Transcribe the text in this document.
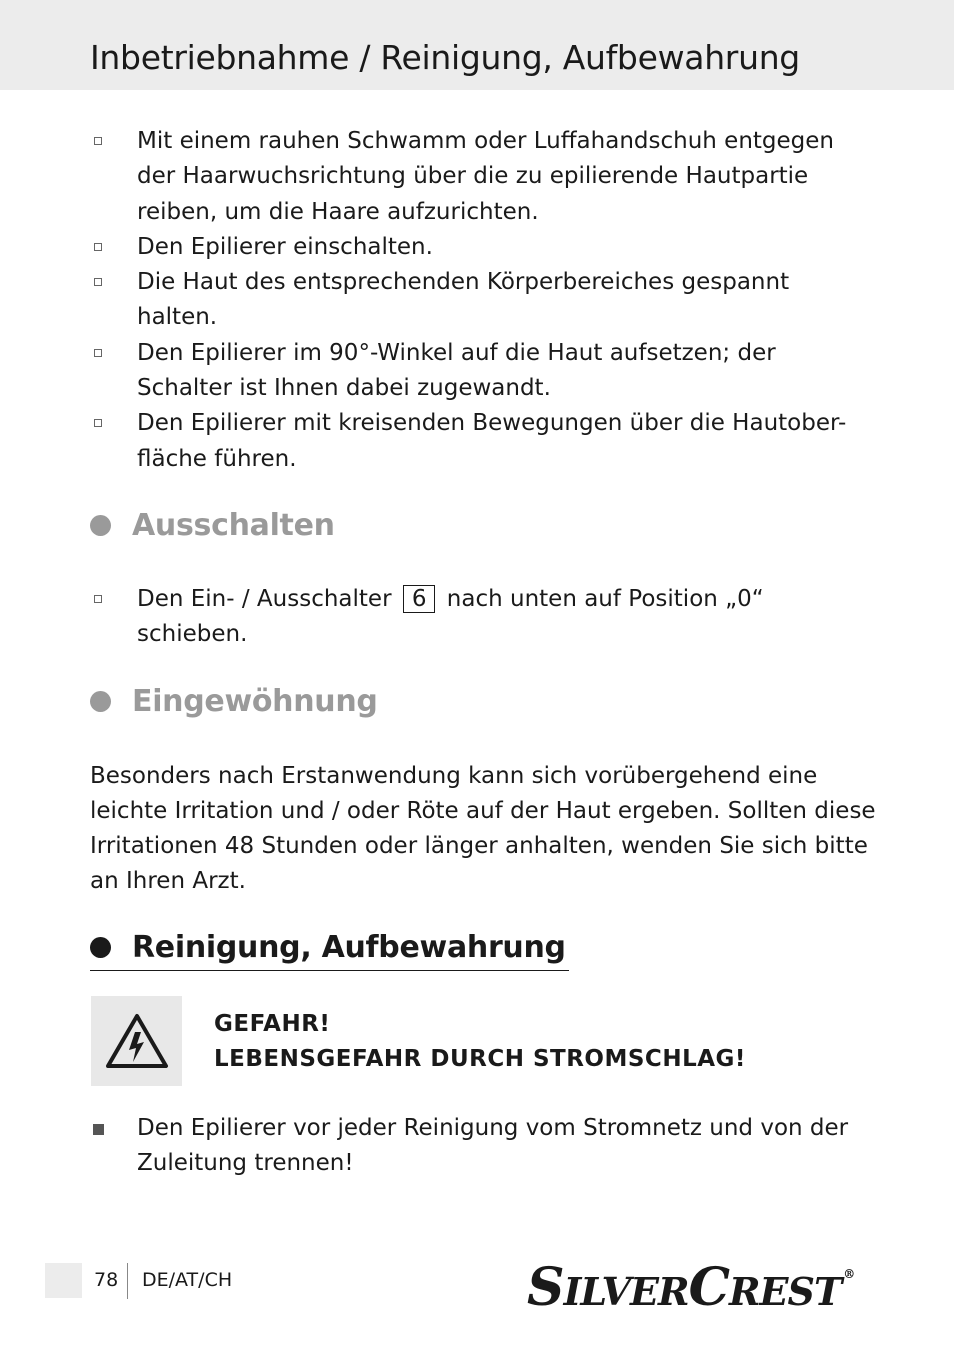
Inbetriebnahme / Reinigung, Aufbewahrung
Mit einem rauhen Schwamm oder Luffahandschuh entgegen der Haarwuchsrichtung über die zu epilierende Hautpartie reiben, um die Haare aufzurichten.
Den Epilierer einschalten.
Die Haut des entsprechenden Körperbereiches gespannt halten.
Den Epilierer im 90°-Winkel auf die Haut aufsetzen; der Schalter ist Ihnen dabei zugewandt.
Den Epilierer mit kreisenden Bewegungen über die Hautober- fläche führen.
Ausschalten
Den Ein- / Ausschalter 6 nach unten auf Position „0“ schieben.
Eingewöhnung
Besonders nach Erstanwendung kann sich vorübergehend eine leichte Irritation und / oder Röte auf der Haut ergeben. Sollten diese Irritationen 48 Stunden oder länger anhalten, wenden Sie sich bitte an Ihren Arzt.
Reinigung, Aufbewahrung
GEFAHR!
LEBENSGEFAHR DURCH STROMSCHLAG!
Den Epilierer vor jeder Reinigung vom Stromnetz und von der Zuleitung trennen!
78 DE/AT/CH	SILVERCREST ®
